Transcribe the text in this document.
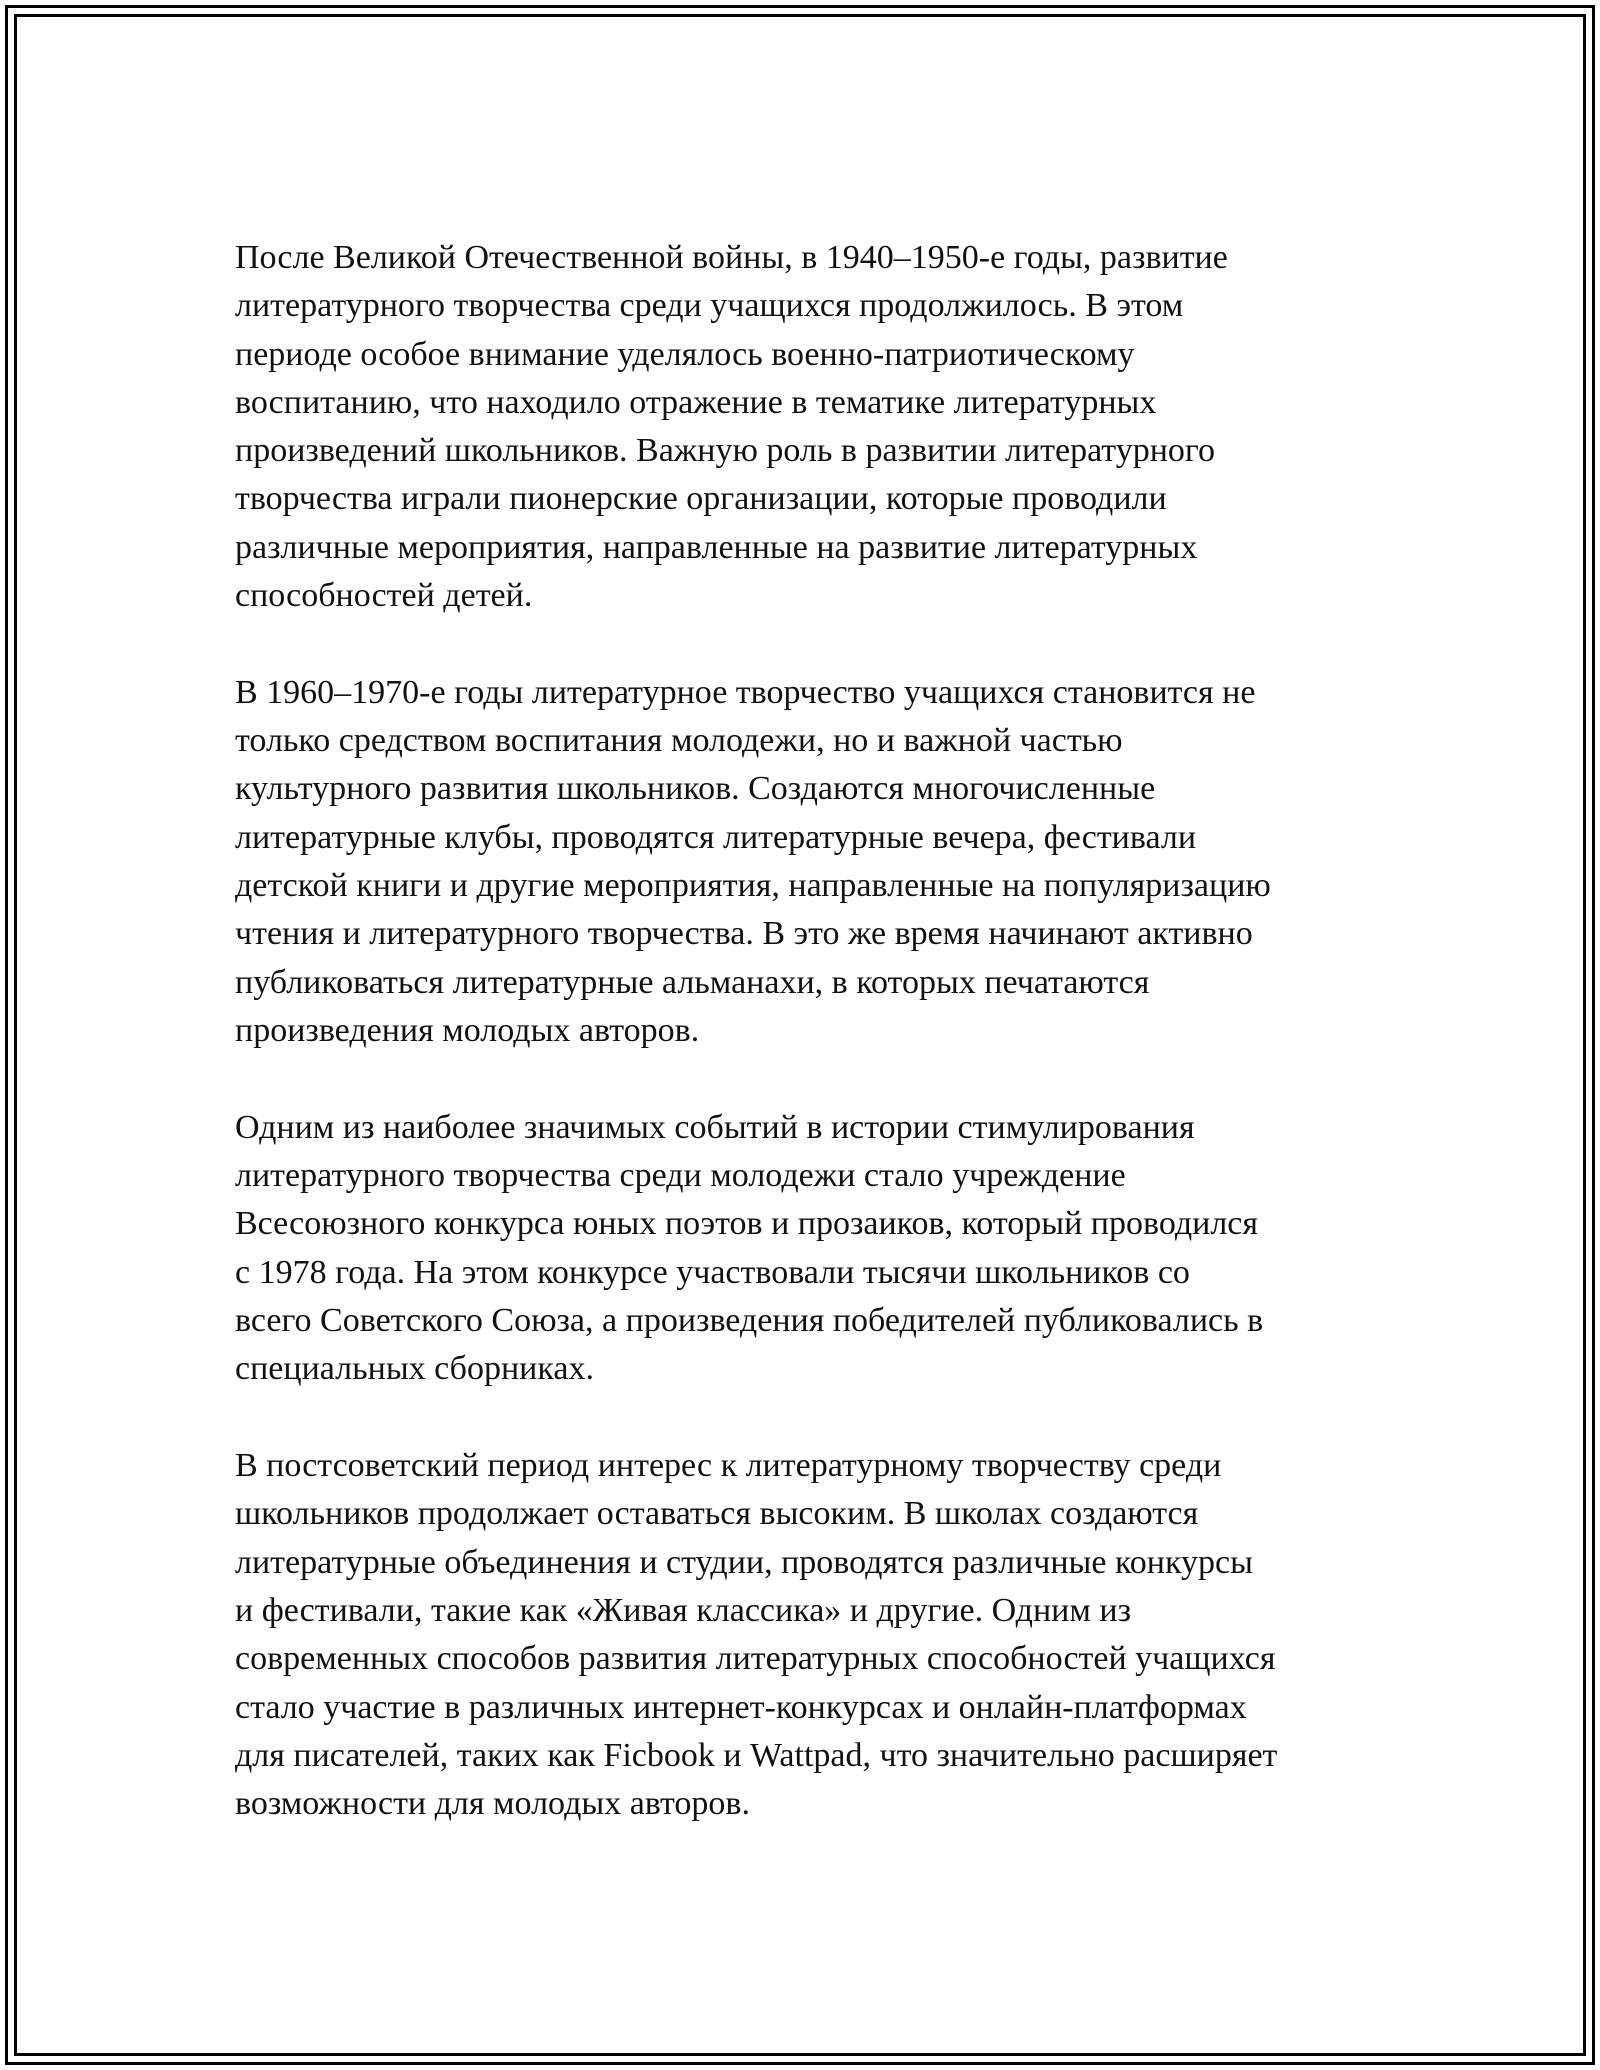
После Великой Отечественной войны, в 1940–1950-е годы, развитие
литературного творчества среди учащихся продолжилось. В этом
периоде особое внимание уделялось военно-патриотическому
воспитанию, что находило отражение в тематике литературных
произведений школьников. Важную роль в развитии литературного
творчества играли пионерские организации, которые проводили
различные мероприятия, направленные на развитие литературных
способностей детей.

В 1960–1970-е годы литературное творчество учащихся становится не
только средством воспитания молодежи, но и важной частью
культурного развития школьников. Создаются многочисленные
литературные клубы, проводятся литературные вечера, фестивали
детской книги и другие мероприятия, направленные на популяризацию
чтения и литературного творчества. В это же время начинают активно
публиковаться литературные альманахи, в которых печатаются
произведения молодых авторов.

Одним из наиболее значимых событий в истории стимулирования
литературного творчества среди молодежи стало учреждение
Всесоюзного конкурса юных поэтов и прозаиков, который проводился
с 1978 года. На этом конкурсе участвовали тысячи школьников со
всего Советского Союза, а произведения победителей публиковались в
специальных сборниках.

В постсоветский период интерес к литературному творчеству среди
школьников продолжает оставаться высоким. В школах создаются
литературные объединения и студии, проводятся различные конкурсы
и фестивали, такие как «Живая классика» и другие. Одним из
современных способов развития литературных способностей учащихся
стало участие в различных интернет-конкурсах и онлайн-платформах
для писателей, таких как Ficbook и Wattpad, что значительно расширяет
возможности для молодых авторов.
